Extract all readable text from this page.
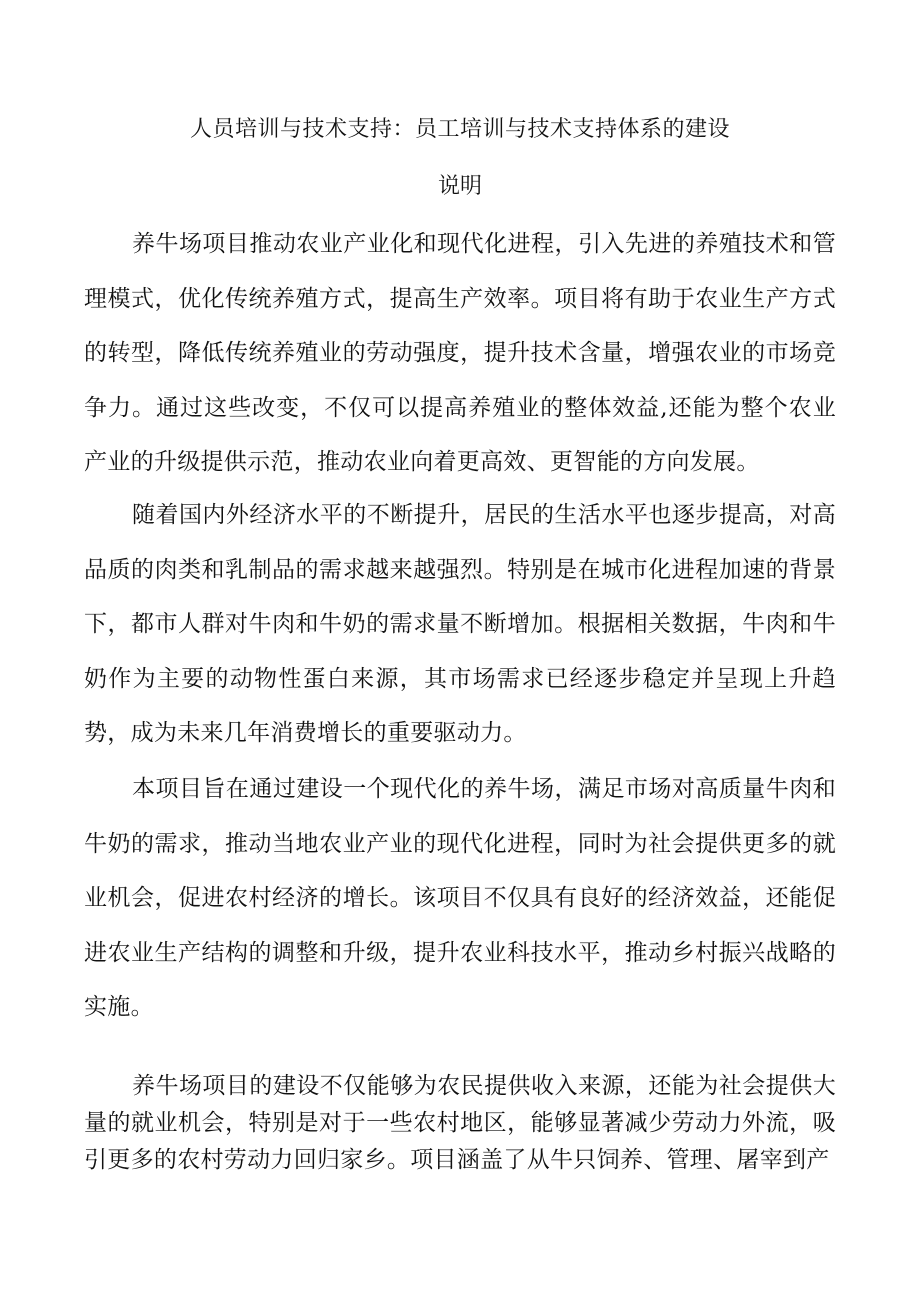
人员培训与技术支持：员工培训与技术支持体系的建设
说明

养牛场项目推动农业产业化和现代化进程，引入先进的养殖技术和管理模式，优化传统养殖方式，提高生产效率。项目将有助于农业生产方式的转型，降低传统养殖业的劳动强度，提升技术含量，增强农业的市场竞争力。通过这些改变，不仅可以提高养殖业的整体效益,还能为整个农业产业的升级提供示范，推动农业向着更高效、更智能的方向发展。

随着国内外经济水平的不断提升，居民的生活水平也逐步提高，对高品质的肉类和乳制品的需求越来越强烈。特别是在城市化进程加速的背景下，都市人群对牛肉和牛奶的需求量不断增加。根据相关数据，牛肉和牛奶作为主要的动物性蛋白来源，其市场需求已经逐步稳定并呈现上升趋势，成为未来几年消费增长的重要驱动力。

本项目旨在通过建设一个现代化的养牛场，满足市场对高质量牛肉和牛奶的需求，推动当地农业产业的现代化进程，同时为社会提供更多的就业机会，促进农村经济的增长。该项目不仅具有良好的经济效益，还能促进农业生产结构的调整和升级，提升农业科技水平，推动乡村振兴战略的实施。

养牛场项目的建设不仅能够为农民提供收入来源，还能为社会提供大量的就业机会，特别是对于一些农村地区，能够显著减少劳动力外流，吸引更多的农村劳动力回归家乡。项目涵盖了从牛只饲养、管理、屠宰到产
